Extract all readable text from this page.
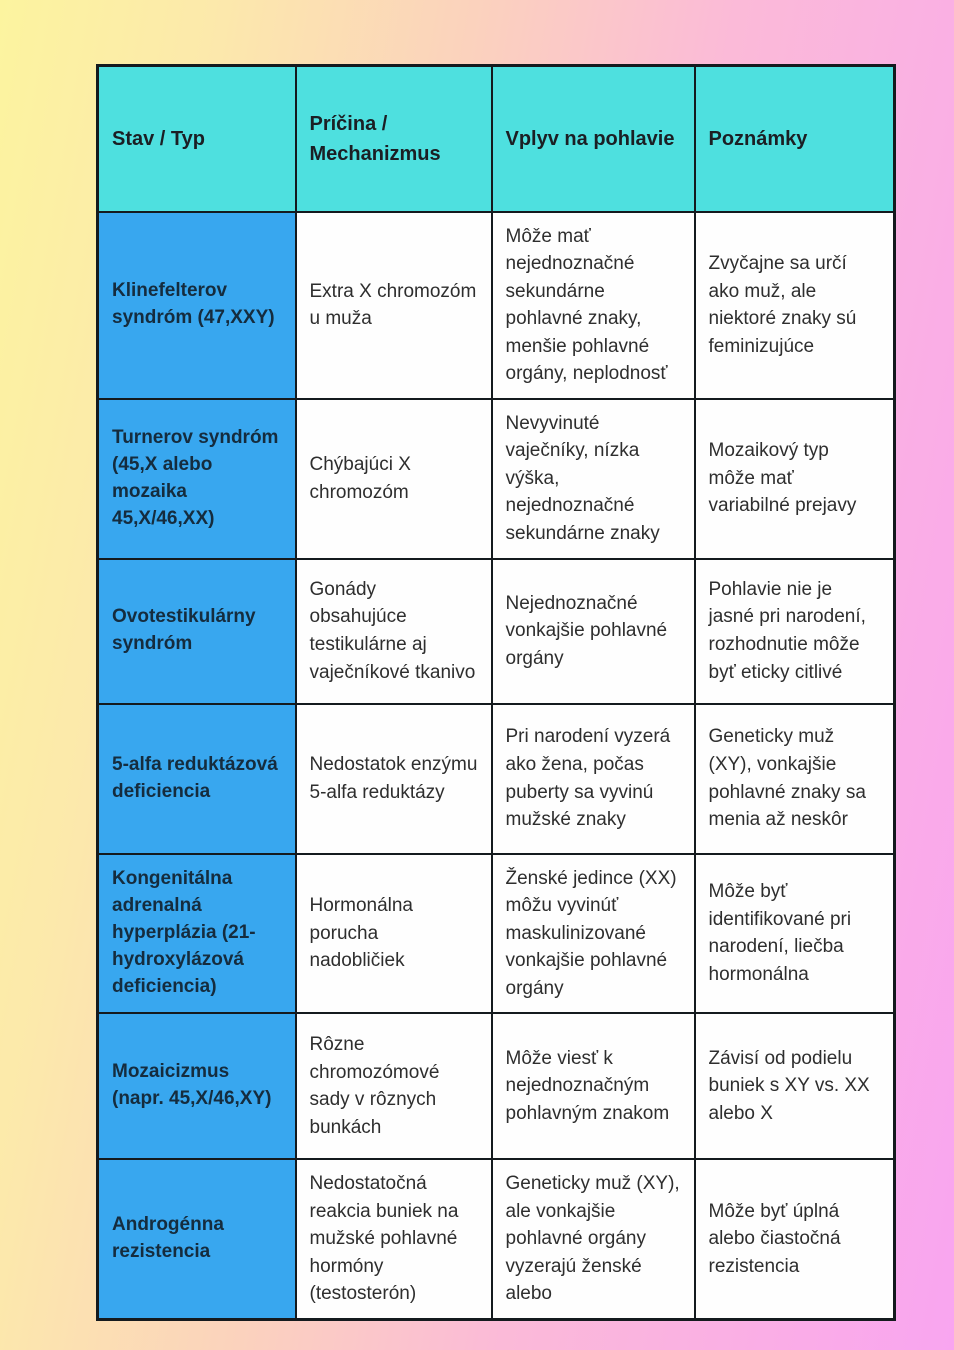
Stav / Typ	Príčina / Mechanizmus	Vplyv na pohlavie	Poznámky
Klinefelterov syndróm (47,XXY)	Extra X chromozóm u muža	Môže mať nejednoznačné sekundárne pohlavné znaky, menšie pohlavné orgány, neplodnosť	Zvyčajne sa určí ako muž, ale niektoré znaky sú feminizujúce
Turnerov syndróm (45,X alebo mozaika 45,X/46,XX)	Chýbajúci X chromozóm	Nevyvinuté vaječníky, nízka výška, nejednoznačné sekundárne znaky	Mozaikový typ môže mať variabilné prejavy
Ovotestikulárny syndróm	Gonády obsahujúce testikulárne aj vaječníkové tkanivo	Nejednoznačné vonkajšie pohlavné orgány	Pohlavie nie je jasné pri narodení, rozhodnutie môže byť eticky citlivé
5-alfa reduktázová deficiencia	Nedostatok enzýmu 5-alfa reduktázy	Pri narodení vyzerá ako žena, počas puberty sa vyvinú mužské znaky	Geneticky muž (XY), vonkajšie pohlavné znaky sa menia až neskôr
Kongenitálna adrenalná hyperplázia (21-hydroxylázová deficiencia)	Hormonálna porucha nadobličiek	Ženské jedince (XX) môžu vyvinúť maskulinizované vonkajšie pohlavné orgány	Môže byť identifikované pri narodení, liečba hormonálna
Mozaicizmus (napr. 45,X/46,XY)	Rôzne chromozómové sady v rôznych bunkách	Môže viesť k nejednoznačným pohlavným znakom	Závisí od podielu buniek s XY vs. XX alebo X
Androgénna rezistencia	Nedostatočná reakcia buniek na mužské pohlavné hormóny (testosterón)	Geneticky muž (XY), ale vonkajšie pohlavné orgány vyzerajú ženské alebo	Môže byť úplná alebo čiastočná rezistencia
